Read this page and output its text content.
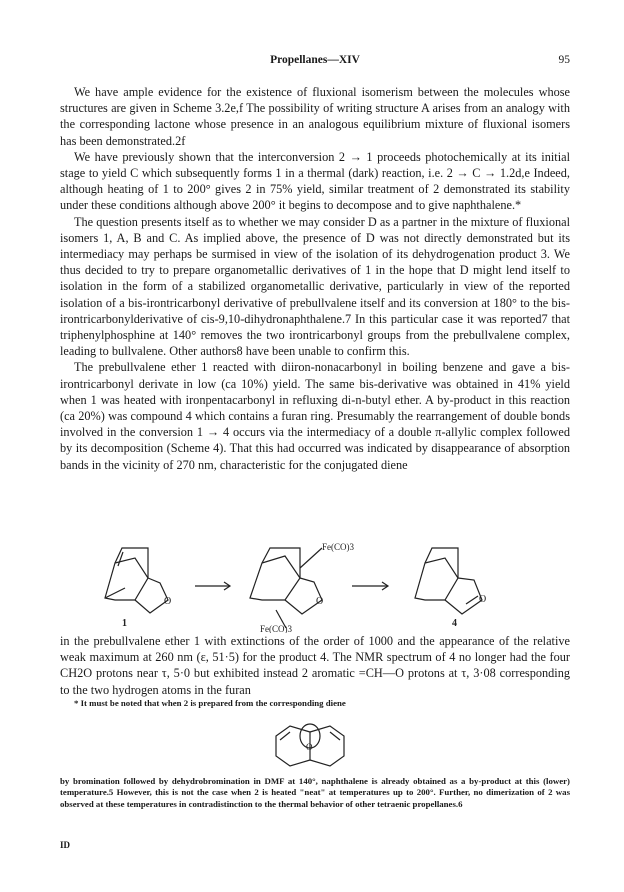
Propellanes—XIV	95

We have ample evidence for the existence of fluxional isomerism between the molecules whose structures are given in Scheme 3.2e,f The possibility of writing structure A arises from an analogy with the corresponding lactone whose presence in an analogous equilibrium mixture of fluxional isomers has been demonstrated.2f

We have previously shown that the interconversion 2 → 1 proceeds photochemically at its initial stage to yield C which subsequently forms 1 in a thermal (dark) reaction, i.e. 2 → C → 1.2d,e Indeed, although heating of 1 to 200° gives 2 in 75% yield, similar treatment of 2 demonstrated its stability under these conditions although above 200° it begins to decompose and to give naphthalene.*

The question presents itself as to whether we may consider D as a partner in the mixture of fluxional isomers 1, A, B and C. As implied above, the presence of D was not directly demonstrated but its intermediacy may perhaps be surmised in view of the isolation of its dehydrogenation product 3. We thus decided to try to prepare organometallic derivatives of 1 in the hope that D might lend itself to isolation in the form of a stabilized organometallic derivative, particularly in view of the reported isolation of a bis-irontricarbonyl derivative of prebullvalene itself and its conversion at 180° to the bis-irontricarbonylderivative of cis-9,10-dihydronaphthalene.7 In this particular case it was reported7 that triphenylphosphine at 140° removes the two irontricarbonyl groups from the prebullvalene complex, leading to bullvalene. Other authors8 have been unable to confirm this.

The prebullvalene ether 1 reacted with diiron-nonacarbonyl in boiling benzene and gave a bis-irontricarbonyl derivate in low (ca 10%) yield. The same bis-derivative was obtained in 41% yield when 1 was heated with ironpentacarbonyl in refluxing di-n-butyl ether. A by-product in this reaction (ca 20%) was compound 4 which contains a furan ring. Presumably the rearrangement of double bonds involved in the conversion 1 → 4 occurs via the intermediacy of a double π-allylic complex followed by its decomposition (Scheme 4). That this had occurred was indicated by disappearance of absorption bands in the vicinity of 270 nm, characteristic for the conjugated diene

O	O	O
Fe(CO)3
Fe(CO)3
1	4
in the prebullvalene ether 1 with extinctions of the order of 1000 and the appearance of the relative weak maximum at 260 nm (ε, 51·5) for the product 4. The NMR spectrum of 4 no longer had the four CH2O protons near τ, 5·0 but exhibited instead 2 aromatic =CH—O protons at τ, 3·08 corresponding to the two hydrogen atoms in the furan
* It must be noted that when 2 is prepared from the corresponding diene
O
by bromination followed by dehydrobromination in DMF at 140°, naphthalene is already obtained as a by-product at this (lower) temperature.5 However, this is not the case when 2 is heated "neat" at temperatures up to 200°. Further, no dimerization of 2 was observed at these temperatures in contradistinction to the thermal behavior of other tetraenic propellanes.6
ID
